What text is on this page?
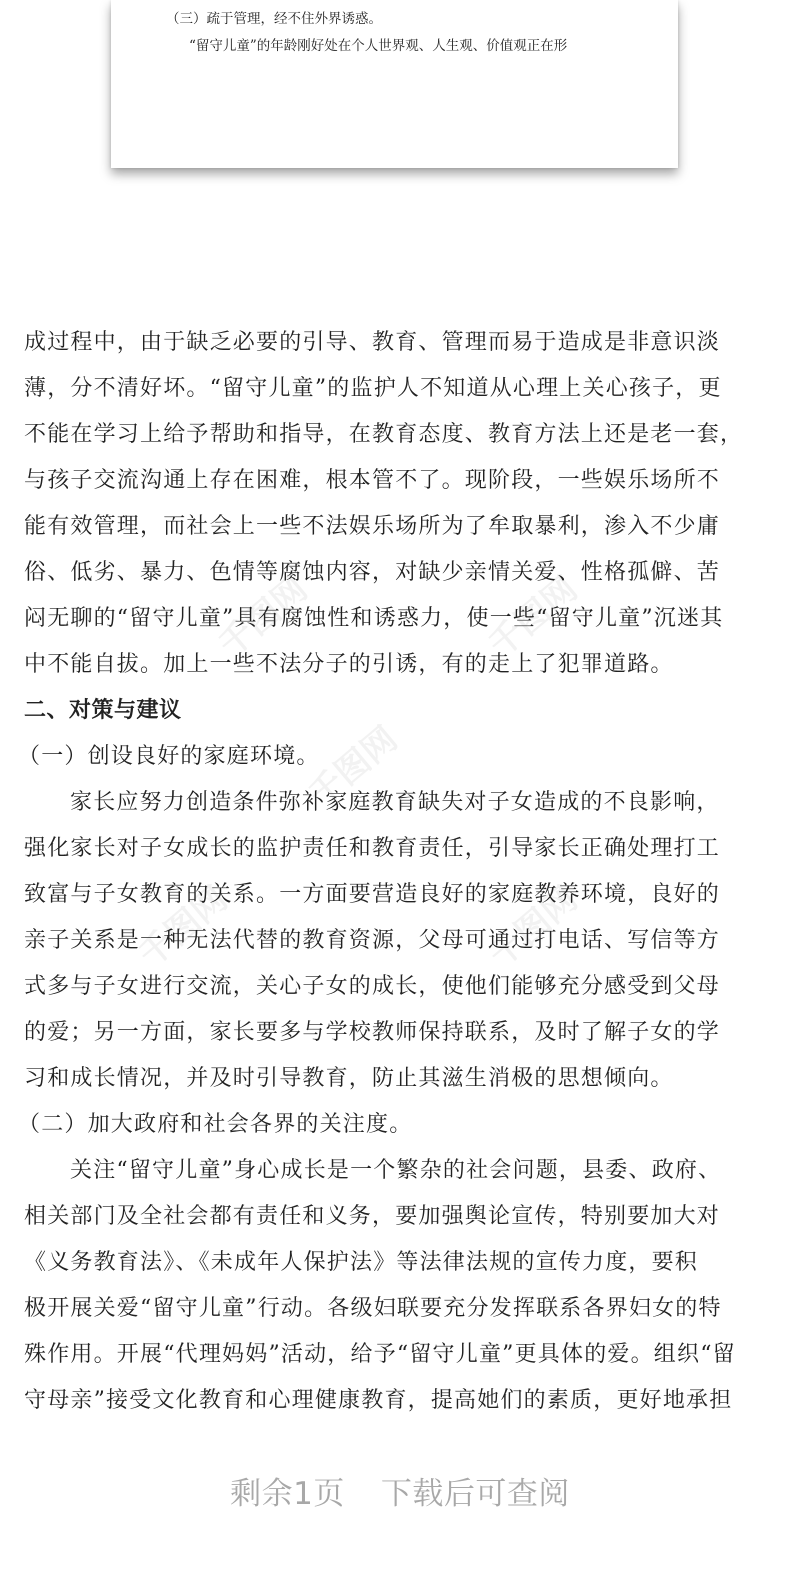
（三）疏于管理，经不住外界诱惑。
“留守儿童”的年龄刚好处在个人世界观、人生观、价值观正在形
千图网	千图网
千图网
千图网	千图网
成过程中，由于缺乏必要的引导、教育、管理而易于造成是非意识淡
薄，分不清好坏。“留守儿童”的监护人不知道从心理上关心孩子，更
不能在学习上给予帮助和指导，在教育态度、教育方法上还是老一套，
与孩子交流沟通上存在困难，根本管不了。现阶段，一些娱乐场所不
能有效管理，而社会上一些不法娱乐场所为了牟取暴利，渗入不少庸
俗、低劣、暴力、色情等腐蚀内容，对缺少亲情关爱、性格孤僻、苦
闷无聊的“留守儿童”具有腐蚀性和诱惑力，使一些“留守儿童”沉迷其
中不能自拔。加上一些不法分子的引诱，有的走上了犯罪道路。
二、对策与建议
（一）创设良好的家庭环境。
家长应努力创造条件弥补家庭教育缺失对子女造成的不良影响，
强化家长对子女成长的监护责任和教育责任，引导家长正确处理打工
致富与子女教育的关系。一方面要营造良好的家庭教养环境，良好的
亲子关系是一种无法代替的教育资源，父母可通过打电话、写信等方
式多与子女进行交流，关心子女的成长，使他们能够充分感受到父母
的爱；另一方面，家长要多与学校教师保持联系，及时了解子女的学
习和成长情况，并及时引导教育，防止其滋生消极的思想倾向。
（二）加大政府和社会各界的关注度。
关注“留守儿童”身心成长是一个繁杂的社会问题，县委、政府、
相关部门及全社会都有责任和义务，要加强舆论宣传，特别要加大对
《义务教育法》、《未成年人保护法》等法律法规的宣传力度，要积
极开展关爱“留守儿童”行动。各级妇联要充分发挥联系各界妇女的特
殊作用。开展“代理妈妈”活动，给予“留守儿童”更具体的爱。组织“留
守母亲”接受文化教育和心理健康教育，提高她们的素质，更好地承担
剩余1页 下载后可查阅
